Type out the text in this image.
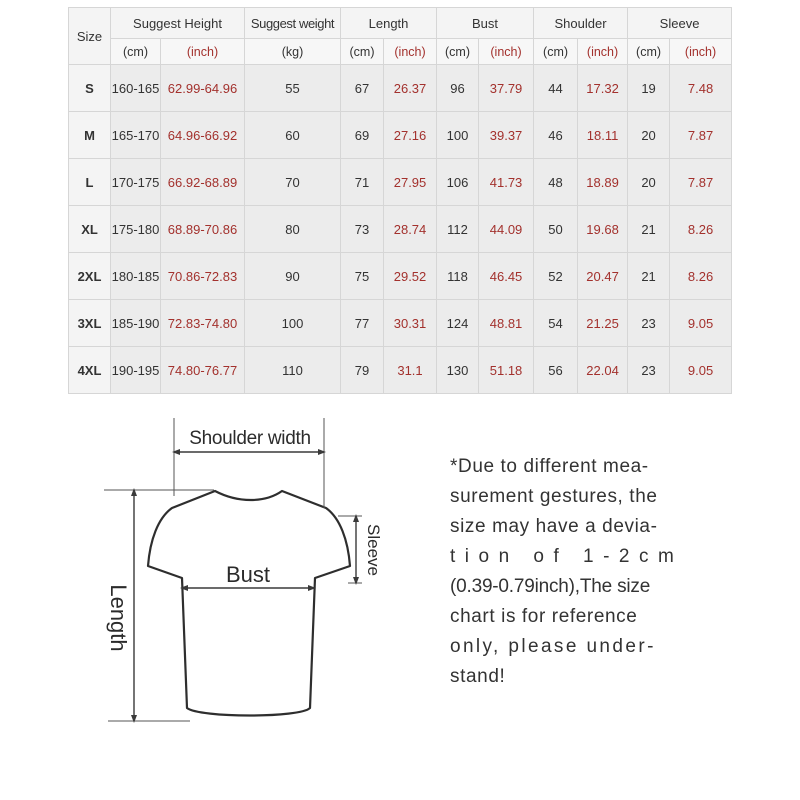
Size	Suggest Height		Suggest weight	Length		Bust		Shoulder		Sleeve	
	(cm)	(inch)	(kg)	(cm)	(inch)	(cm)	(inch)	(cm)	(inch)	(cm)	(inch)
S	160-165	62.99-64.96	55	67	26.37	96	37.79	44	17.32	19	7.48
M	165-170	64.96-66.92	60	69	27.16	100	39.37	46	18.11	20	7.87
L	170-175	66.92-68.89	70	71	27.95	106	41.73	48	18.89	20	7.87
XL	175-180	68.89-70.86	80	73	28.74	112	44.09	50	19.68	21	8.26
2XL	180-185	70.86-72.83	90	75	29.52	118	46.45	52	20.47	21	8.26
3XL	185-190	72.83-74.80	100	77	30.31	124	48.81	54	21.25	23	9.05
4XL	190-195	74.80-76.77	110	79	31.1	130	51.18	56	22.04	23	9.05
Shoulder width
Bust
Length
Sleeve
*Due to different mea-
surement gestures, the
size may have a devia-
tion of 1-2cm
(0.39-0.79inch),The size
chart is for reference
only, please under-
stand!
